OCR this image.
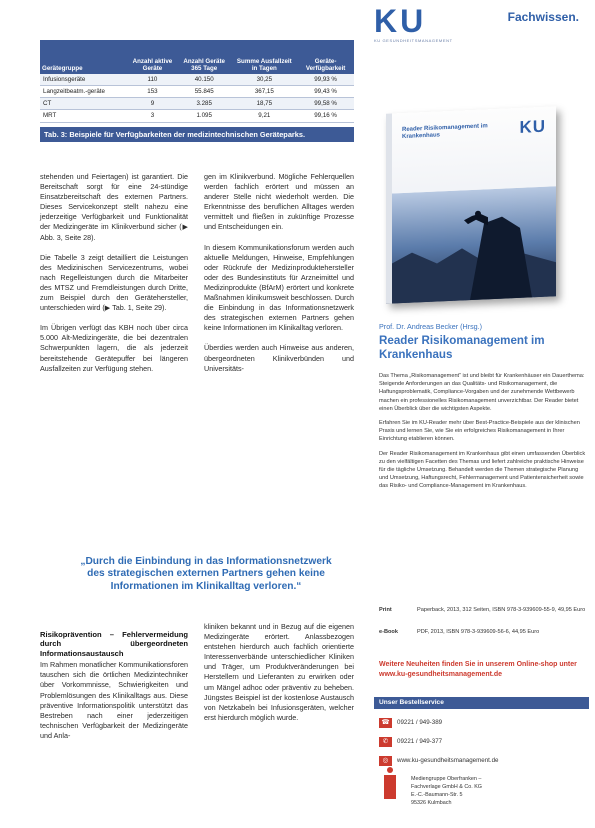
Gerätegruppe	Anzahl aktive Geräte	Anzahl Geräte 365 Tage	Summe Ausfallzeit in Tagen	Geräte-Verfügbarkeit
Infusionsgeräte	110	40.150	30,25	99,93 %
Langzeitbeatm.-geräte	153	55.845	367,15	99,43 %
CT	9	3.285	18,75	99,58 %
MRT	3	1.095	9,21	99,16 %
Tab. 3: Beispiele für Verfügbarkeiten der medizintechnischen Geräteparks.

stehenden und Feiertagen) ist garantiert. Die Bereitschaft sorgt für eine 24-stündige Einsatzbereitschaft des externen Partners. Dieses Servicekonzept stellt nahezu eine jederzeitige Verfügbarkeit und Funktionalität der Medizingeräte im Klinikverbund sicher (▶ Abb. 3, Seite 28).

Die Tabelle 3 zeigt detailliert die Leistungen des Medizinischen Servicezentrums, wobei nach Regelleistungen durch die Mitarbeiter des MTSZ und Fremdleistungen durch Dritte, zum Beispiel durch den Gerätehersteller, unterschieden wird (▶ Tab. 1, Seite 29).

Im Übrigen verfügt das KBH noch über circa 5.000 Alt-Medizingeräte, die bei dezentralen Schwerpunkten lagern, die als jederzeit bereitstehende Gerätepuffer bei längeren Ausfallzeiten zur Verfügung stehen.

gen im Klinikverbund. Mögliche Fehlerquellen werden fachlich erörtert und müssen an anderer Stelle nicht wiederholt werden. Die Erkenntnisse des beruflichen Alltages werden vermittelt und fließen in zukünftige Prozesse und Entscheidungen ein.

In diesem Kommunikationsforum werden auch aktuelle Meldungen, Hinweise, Empfehlungen oder Rückrufe der Medizinproduktehersteller oder des Bundesinstituts für Arzneimittel und Medizinprodukte (BfArM) erörtert und konkrete Maßnahmen klinikumsweit beschlossen. Durch die Einbindung in das Informationsnetzwerk des strategischen externen Partners gehen keine Informationen im Klinikalltag verloren.

Überdies werden auch Hinweise aus anderen, übergeordneten Klinikverbünden und Universitäts-

„Durch die Einbindung in das Informationsnetzwerk des strategischen externen Partners gehen keine Informationen im Klinikalltag verloren.“
Risikoprävention – Fehlervermeidung durch übergeordneten Informationsaustausch

Im Rahmen monatlicher Kommunikationsforen tauschen sich die örtlichen Medizintechniker über Vorkommnisse, Schwierigkeiten und Problemlösungen des Klinikalltags aus. Diese präventive Informationspolitik unterstützt das Bestreben nach einer jederzeitigen technischen Verfügbarkeit der Medizingeräte und Anla-

kliniken bekannt und in Bezug auf die eigenen Medizingeräte erörtert. Anlassbezogen entstehen hierdurch auch fachlich orientierte Interessenverbände unterschiedlicher Kliniken und Träger, um Produktveränderungen bei Herstellern und Lieferanten zu erwirken oder um Mängel adhoc oder präventiv zu beheben. Jüngstes Beispiel ist der kostenlose Austausch von Netzkabeln bei Infusionsgeräten, welcher erst hierdurch möglich wurde.

KU
KU GESUNDHEITSMANAGEMENT
Fachwissen.
Reader Risikomanagement im Krankenhaus	KU
Prof. Dr. Andreas Becker (Hrsg.)
Reader Risikomanagement im Krankenhaus

Das Thema „Risikomanagement“ ist und bleibt für Krankenhäuser ein Dauerthema: Steigende Anforderungen an das Qualitäts- und Risikomanagement, die Haftungsproblematik, Compliance-Vorgaben und der zunehmende Wettbewerb machen ein professionelles Risikomanagement unverzichtbar. Der Reader bietet einen Überblick über die wichtigsten Aspekte.

Erfahren Sie im KU-Reader mehr über Best-Practice-Beispiele aus der klinischen Praxis und lernen Sie, wie Sie ein erfolgreiches Risikomanagement in Ihrer Einrichtung etablieren können.

Der Reader Risikomanagement im Krankenhaus gibt einen umfassenden Überblick zu den vielfältigen Facetten des Themas und liefert zahlreiche praktische Hinweise für die tägliche Umsetzung. Behandelt werden die Themen strategische Planung und Umsetzung, Haftungsrecht, Fehlermanagement und Patientensicherheit sowie das Risiko- und Compliance-Management im Krankenhaus.

Print	Paperback, 2013, 312 Seiten, ISBN 978-3-939609-55-9, 49,95 Euro
e-Book	PDF, 2013, ISBN 978-3-939609-56-6, 44,95 Euro
Weitere Neuheiten finden Sie in unserem Online-shop unter www.ku-gesundheitsmanagement.de
Unser Bestellservice
☎	09221 / 949-389
✆	09221 / 949-377
◎	www.ku-gesundheitsmanagement.de
Mediengruppe Oberfranken –
Fachverlage GmbH & Co. KG
E.-C.-Baumann-Str. 5
95326 Kulmbach
